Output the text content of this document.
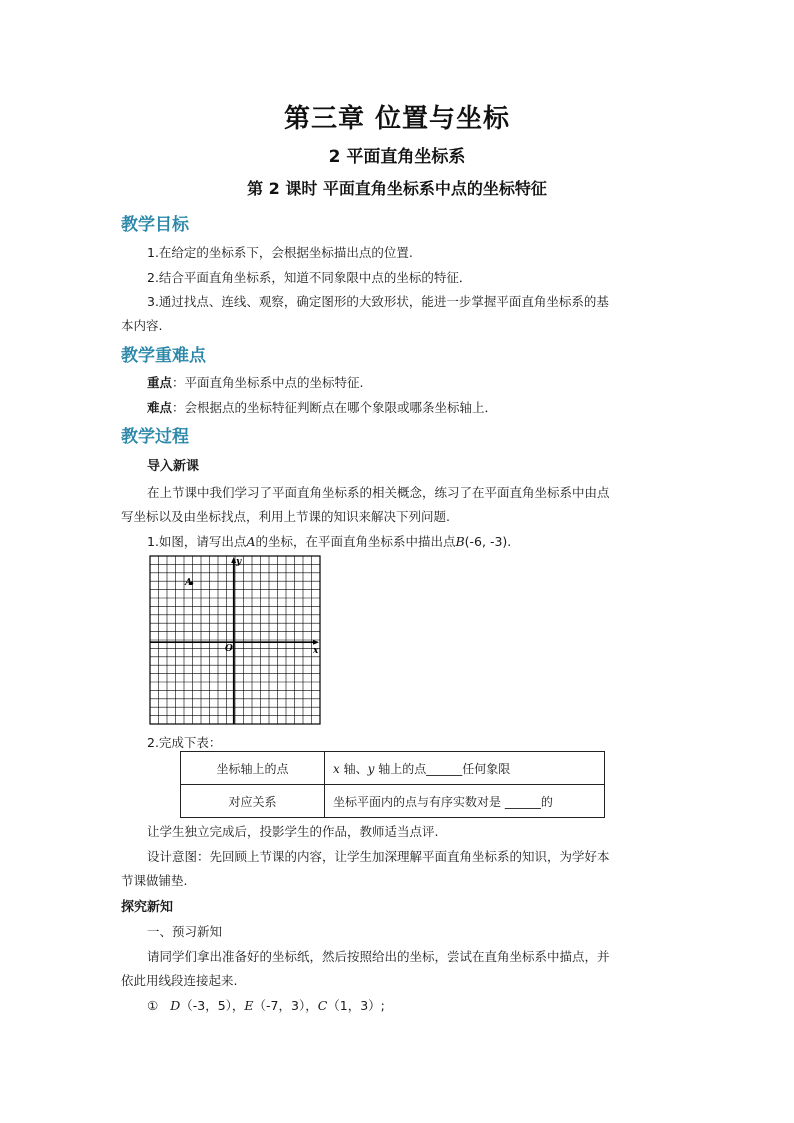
第三章 位置与坐标
2 平面直角坐标系
第 2 课时 平面直角坐标系中点的坐标特征
教学目标
1.在给定的坐标系下，会根据坐标描出点的位置.
2.结合平面直角坐标系，知道不同象限中点的坐标的特征．
3.通过找点、连线、观察，确定图形的大致形状，能进一步掌握平面直角坐标系的基
本内容.
教学重难点
重点：平面直角坐标系中点的坐标特征.
难点：会根据点的坐标特征判断点在哪个象限或哪条坐标轴上．
教学过程
导入新课
在上节课中我们学习了平面直角坐标系的相关概念，练习了在平面直角坐标系中由点
写坐标以及由坐标找点，利用上节课的知识来解决下列问题.
1.如图，请写出点A的坐标，在平面直角坐标系中描出点B(-6, -3).
y
x
O
A
2.完成下表：
坐标轴上的点	x 轴、y 轴上的点______任何象限
对应关系	坐标平面内的点与有序实数对是 ______的
让学生独立完成后，投影学生的作品，教师适当点评.
设计意图：先回顾上节课的内容，让学生加深理解平面直角坐标系的知识，为学好本
节课做铺垫.
探究新知
一、预习新知
请同学们拿出准备好的坐标纸，然后按照给出的坐标，尝试在直角坐标系中描点，并
依此用线段连接起来.
① D（-3，5），E（-7，3），C（1，3）;
